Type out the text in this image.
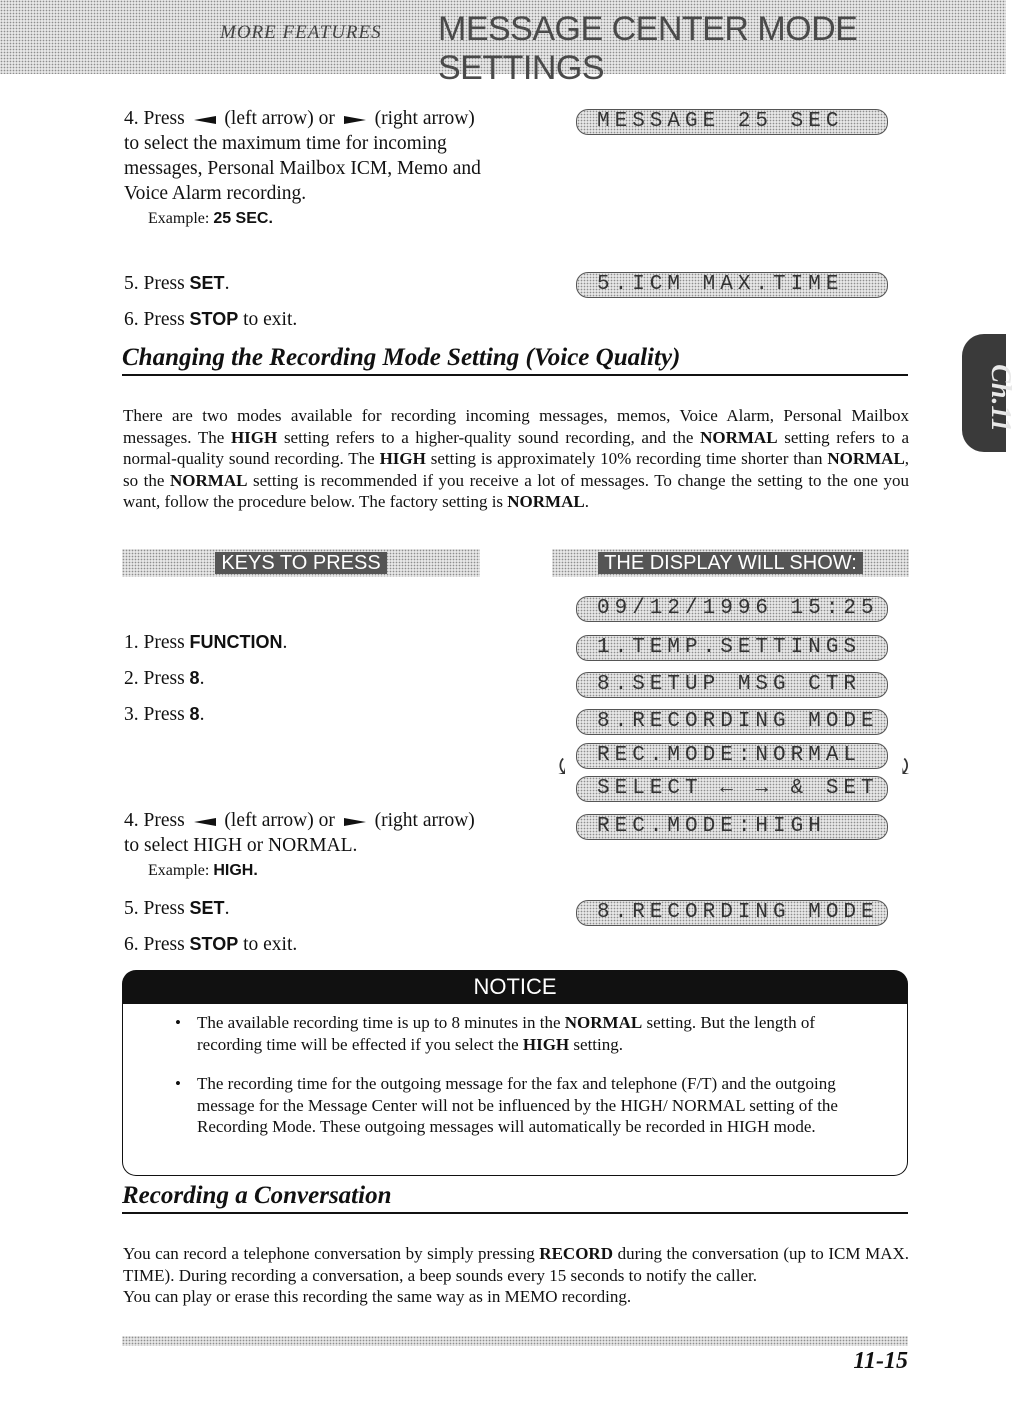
MORE FEATURES MESSAGE CENTER MODE SETTINGS
Ch.11
4. Press (left arrow) or (right arrow) to select the maximum time for incoming messages, Personal Mailbox ICM, Memo and Voice Alarm recording.
Example: 25 SEC.
5. Press SET.
6. Press STOP to exit.
MESSAGE 25 SEC
5.ICM MAX.TIME
Changing the Recording Mode Setting (Voice Quality)
There are two modes available for recording incoming messages, memos, Voice Alarm, Personal Mailbox messages. The HIGH setting refers to a higher-quality sound recording, and the NORMAL setting refers to a normal-quality sound recording. The HIGH setting is approximately 10% recording time shorter than NORMAL, so the NORMAL setting is recommended if you receive a lot of messages. To change the setting to the one you want, follow the procedure below. The factory setting is NORMAL.
KEYS TO PRESS	THE DISPLAY WILL SHOW:
1. Press FUNCTION.
2. Press 8.
3. Press 8.
4. Press (left arrow) or (right arrow) to select HIGH or NORMAL.
Example: HIGH.
5. Press SET.
6. Press STOP to exit.
09/12/1996 15:25
1.TEMP.SETTINGS
8.SETUP MSG CTR
8.RECORDING MODE
REC.MODE:NORMAL
SELECT ← → & SET
REC.MODE:HIGH
8.RECORDING MODE
⤹	⤸
NOTICE
• The available recording time is up to 8 minutes in the NORMAL setting. But the length of recording time will be effected if you select the HIGH setting.
• The recording time for the outgoing message for the fax and telephone (F/T) and the outgoing message for the Message Center will not be influenced by the HIGH/ NORMAL setting of the Recording Mode. These outgoing messages will automatically be recorded in HIGH mode.
Recording a Conversation
You can record a telephone conversation by simply pressing RECORD during the conversation (up to ICM MAX. TIME). During recording a conversation, a beep sounds every 15 seconds to notify the caller.
You can play or erase this recording the same way as in MEMO recording.
11-15
